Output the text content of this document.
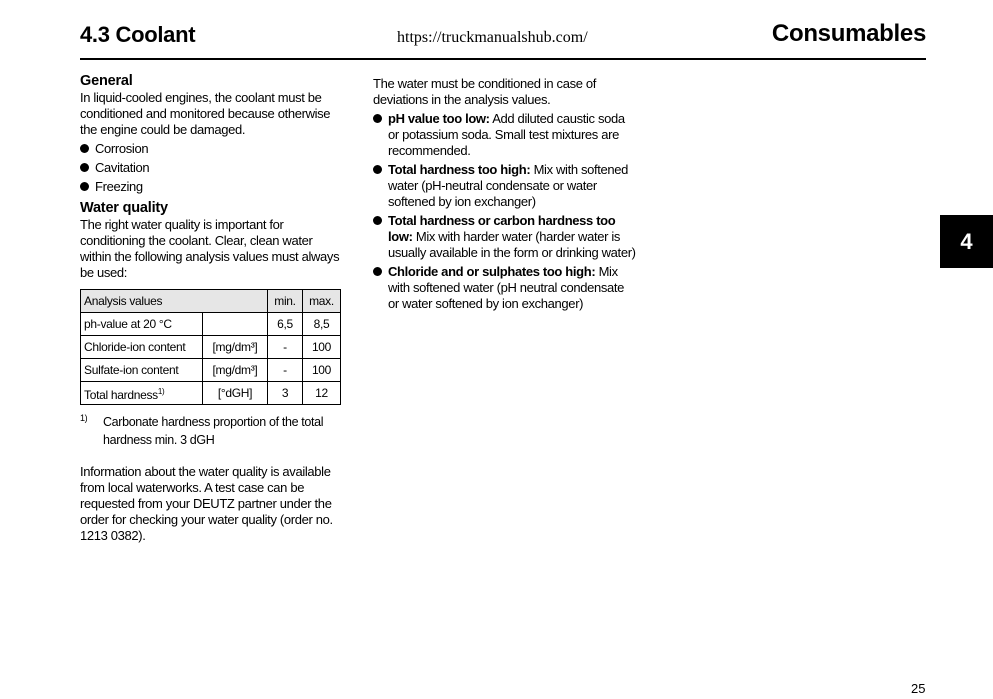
4.3 Coolant	https://truckmanualshub.com/	Consumables
General

In liquid-cooled engines, the coolant must be conditioned and monitored because otherwise the engine could be damaged.

Corrosion
Cavitation
Freezing
Water quality

The right water quality is important for conditioning the coolant. Clear, clean water within the following analysis values must always be used:

Analysis values		min.	max.
ph-value at 20 °C		6,5	8,5
Chloride-ion content	[mg/dm³]	-	100
Sulfate-ion content	[mg/dm³]	-	100
Total hardness$^{1)}$	[°dGH]	3	12
1) Carbonate hardness proportion of the total hardness min. 3 dGH

Information about the water quality is available from local waterworks. A test case can be requested from your DEUTZ partner under the order for checking your water quality (order no. 1213 0382).

The water must be conditioned in case of deviations in the analysis values.

pH value too low: Add diluted caustic soda or potassium soda. Small test mixtures are recommended.
Total hardness too high: Mix with softened water (pH-neutral condensate or water softened by ion exchanger)
Total hardness or carbon hardness too low: Mix with harder water (harder water is usually available in the form or drinking water)
Chloride and or sulphates too high: Mix with softened water (pH neutral condensate or water softened by ion exchanger)
4
25
